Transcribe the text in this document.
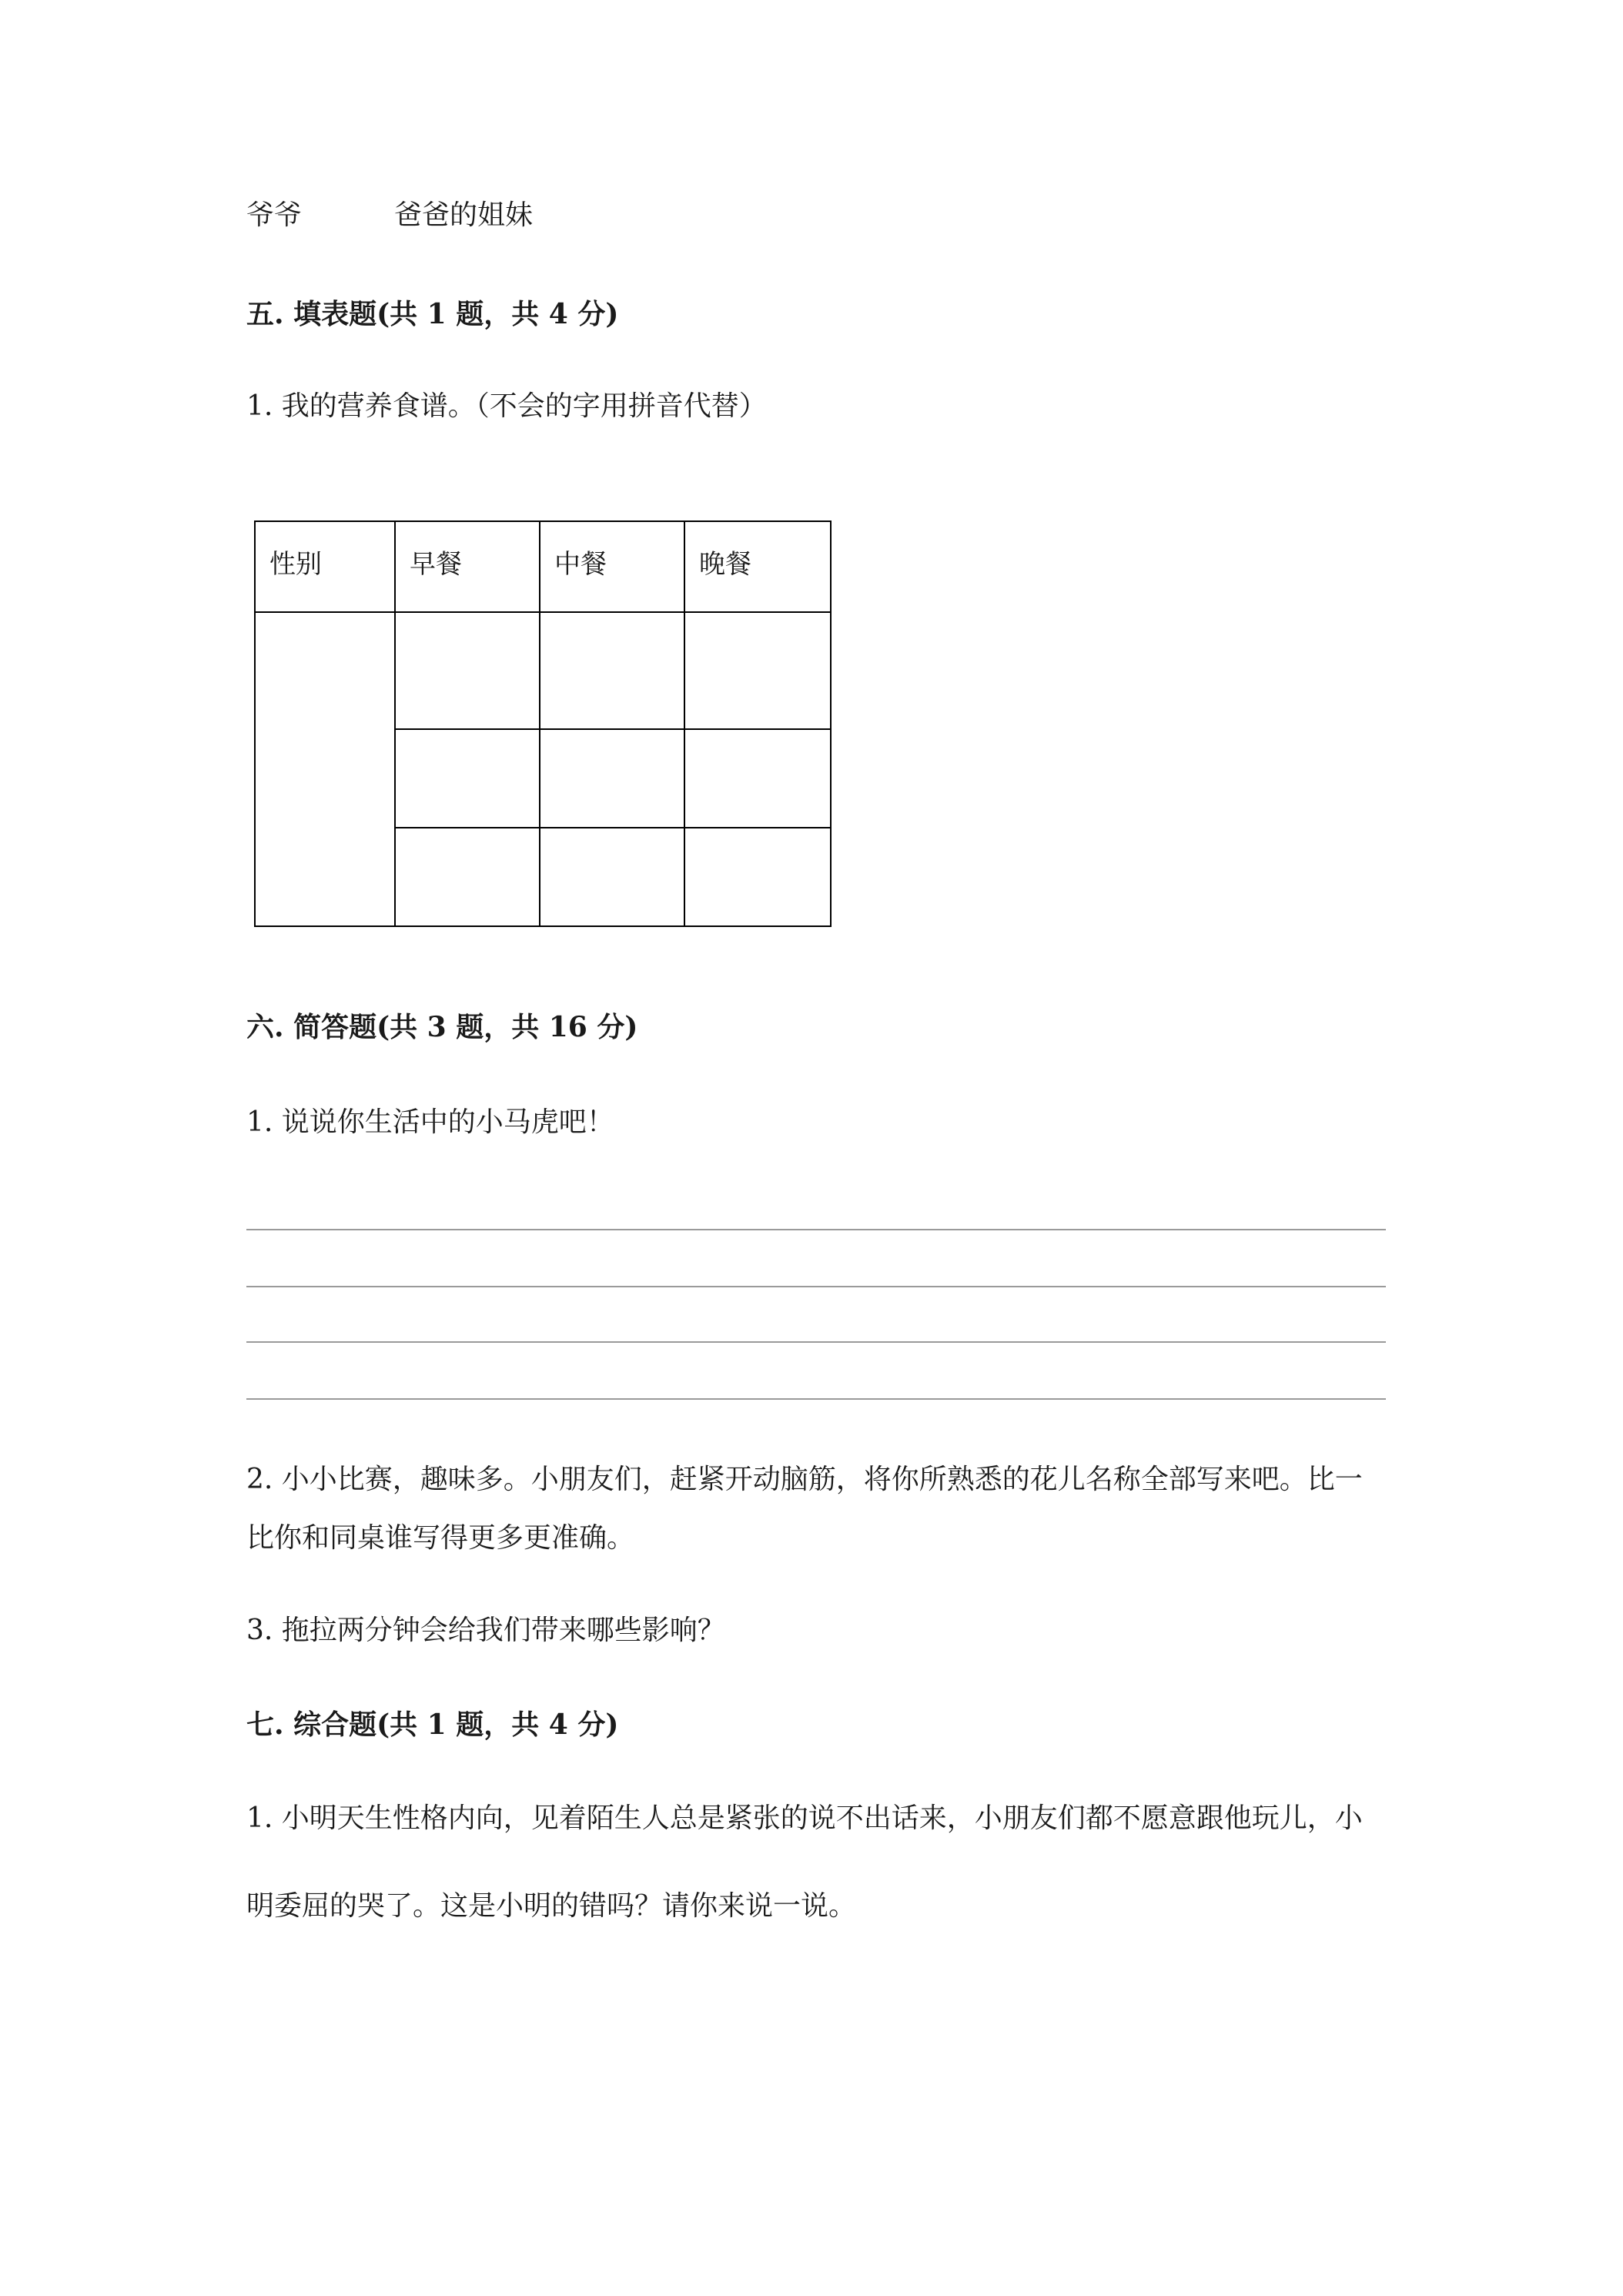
爷爷	爸爸的姐妹
五. 填表题(共 1 题，共 4 分)
1. 我的营养食谱。（不会的字用拼音代替）
性别	早餐	中餐	晚餐
六. 简答题(共 3 题，共 16 分)
1. 说说你生活中的小马虎吧！
2. 小小比赛，趣味多。小朋友们，赶紧开动脑筋，将你所熟悉的花儿名称全部写来吧。比一
比你和同桌谁写得更多更准确。
3. 拖拉两分钟会给我们带来哪些影响？
七. 综合题(共 1 题，共 4 分)
1. 小明天生性格内向，见着陌生人总是紧张的说不出话来，小朋友们都不愿意跟他玩儿，小
明委屈的哭了。这是小明的错吗？请你来说一说。
